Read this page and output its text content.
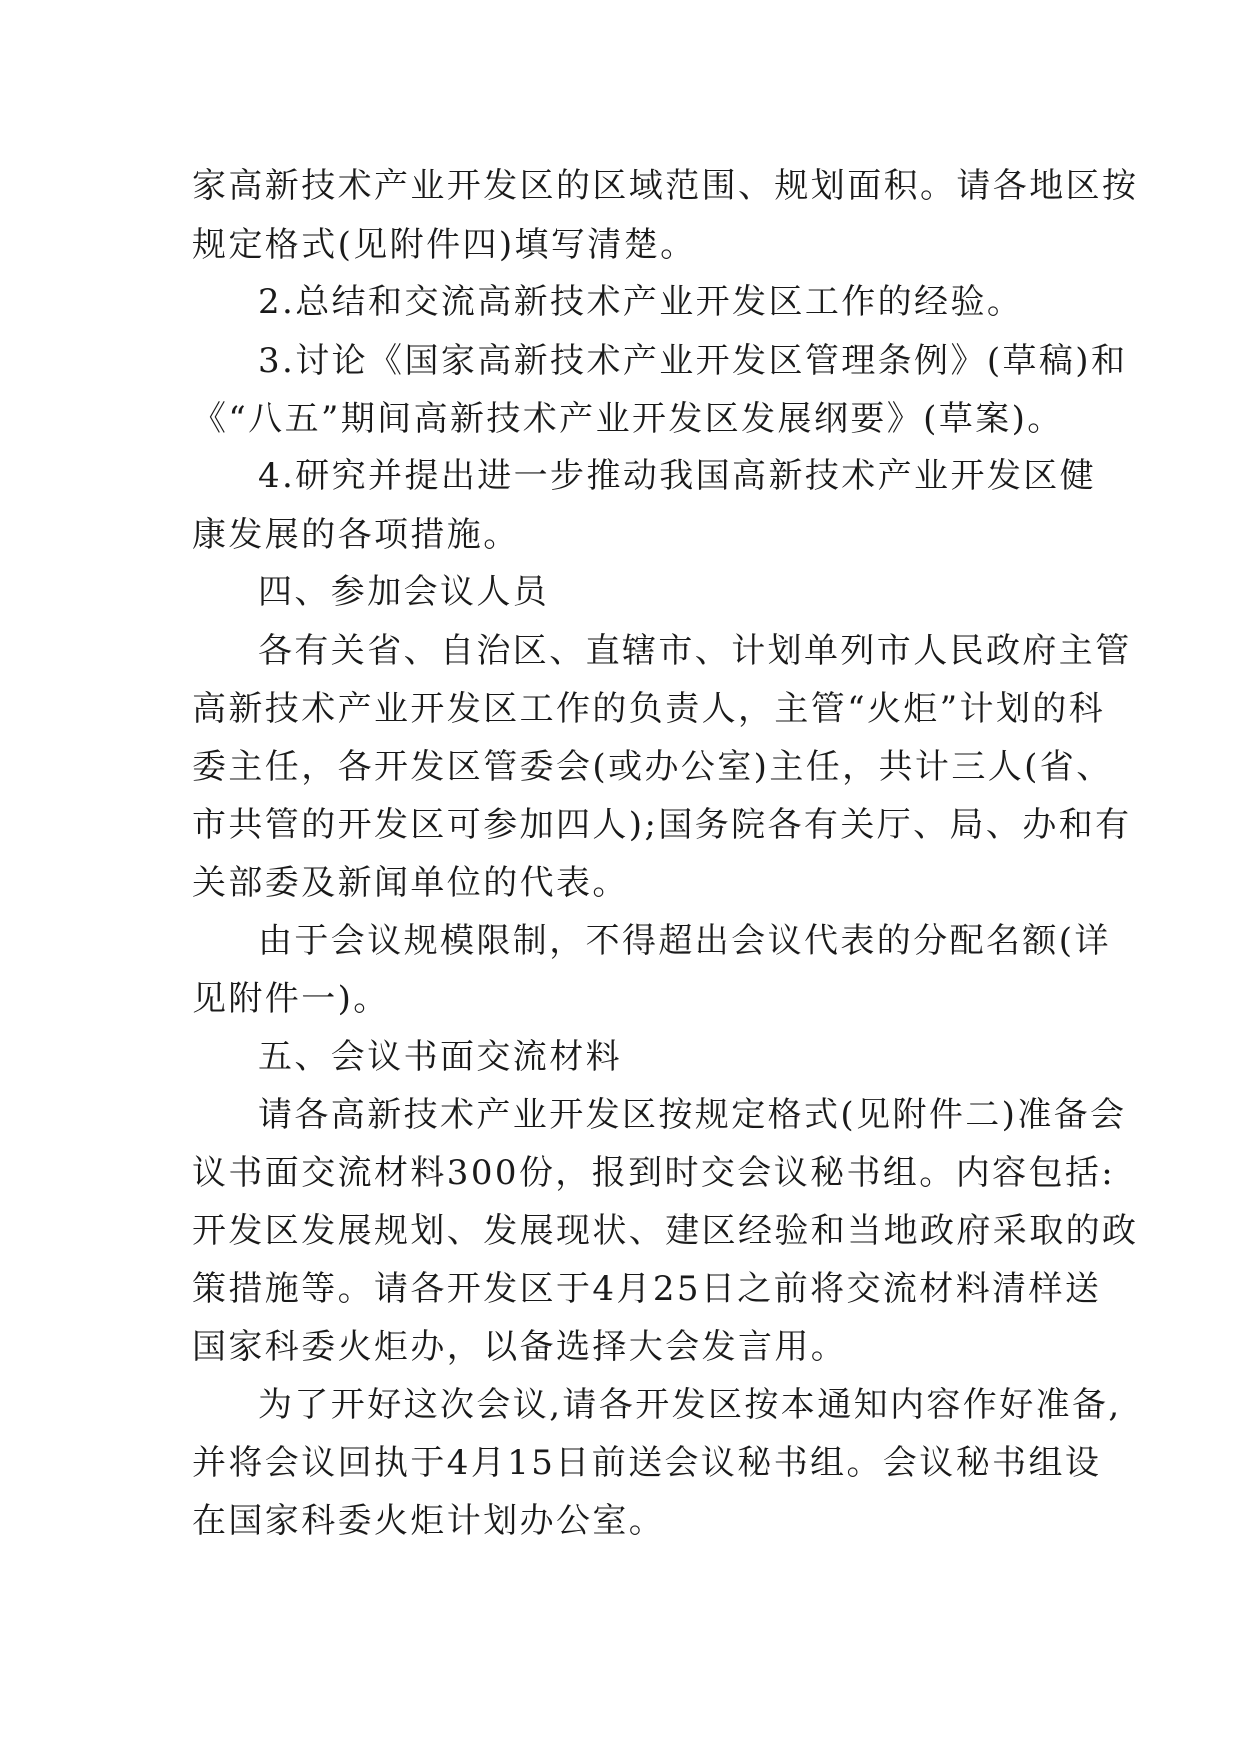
家高新技术产业开发区的区域范围、规划面积。请各地区按
规定格式(见附件四)填写清楚。
2.总结和交流高新技术产业开发区工作的经验。
3.讨论《国家高新技术产业开发区管理条例》(草稿)和
《“八五”期间高新技术产业开发区发展纲要》(草案)。
4.研究并提出进一步推动我国高新技术产业开发区健
康发展的各项措施。
四、参加会议人员
各有关省、自治区、直辖市、计划单列市人民政府主管
高新技术产业开发区工作的负责人，主管“火炬”计划的科
委主任，各开发区管委会(或办公室)主任，共计三人(省、
市共管的开发区可参加四人);国务院各有关厅、局、办和有
关部委及新闻单位的代表。
由于会议规模限制，不得超出会议代表的分配名额(详
见附件一)。
五、会议书面交流材料
请各高新技术产业开发区按规定格式(见附件二)准备会
议书面交流材料300份，报到时交会议秘书组。内容包括:
开发区发展规划、发展现状、建区经验和当地政府采取的政
策措施等。请各开发区于4月25日之前将交流材料清样送
国家科委火炬办，以备选择大会发言用。
为了开好这次会议,请各开发区按本通知内容作好准备,
并将会议回执于4月15日前送会议秘书组。会议秘书组设
在国家科委火炬计划办公室。
